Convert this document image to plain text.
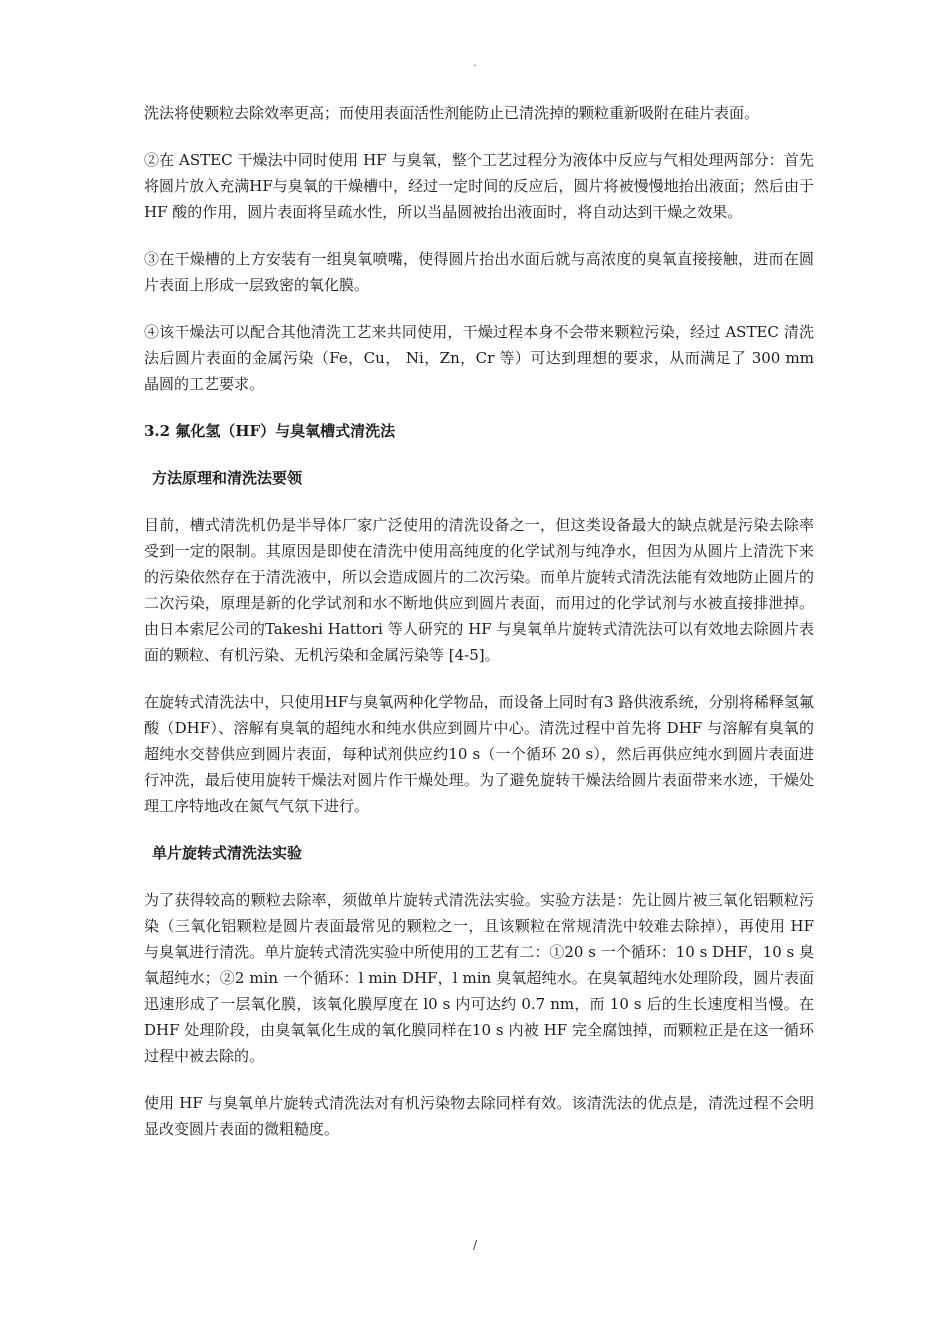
.

洗法将使颗粒去除效率更高；而使用表面活性剂能防止已清洗掉的颗粒重新吸附在硅片表面。

②在 ASTEC 干燥法中同时使用 HF 与臭氧，整个工艺过程分为液体中反应与气相处理两部分：首先将圆片放入充满HF与臭氧的干燥槽中，经过一定时间的反应后，圆片将被慢慢地抬出液面；然后由于HF 酸的作用，圆片表面将呈疏水性，所以当晶圆被抬出液面时，将自动达到干燥之效果。

③在干燥槽的上方安装有一组臭氧喷嘴，使得圆片抬出水面后就与高浓度的臭氧直接接触，进而在圆片表面上形成一层致密的氧化膜。

④该干燥法可以配合其他清洗工艺来共同使用，干燥过程本身不会带来颗粒污染，经过 ASTEC 清洗法后圆片表面的金属污染（Fe，Cu， Ni，Zn，Cr 等）可达到理想的要求，从而满足了 300 mm 晶圆的工艺要求。

3.2 氟化氢（HF）与臭氧槽式清洗法
方法原理和清洗法要领

目前，槽式清洗机仍是半导体厂家广泛使用的清洗设备之一，但这类设备最大的缺点就是污染去除率受到一定的限制。其原因是即使在清洗中使用高纯度的化学试剂与纯净水，但因为从圆片上清洗下来的污染依然存在于清洗液中，所以会造成圆片的二次污染。而单片旋转式清洗法能有效地防止圆片的二次污染，原理是新的化学试剂和水不断地供应到圆片表面，而用过的化学试剂与水被直接排泄掉。由日本索尼公司的Takeshi Hattori 等人研究的 HF 与臭氧单片旋转式清洗法可以有效地去除圆片表面的颗粒、有机污染、无机污染和金属污染等 [4-5]。

在旋转式清洗法中，只使用HF与臭氧两种化学物品，而设备上同时有3 路供液系统，分别将稀释氢氟酸（DHF）、溶解有臭氧的超纯水和纯水供应到圆片中心。清洗过程中首先将 DHF 与溶解有臭氧的超纯水交替供应到圆片表面，每种试剂供应约10 s（一个循环 20 s），然后再供应纯水到圆片表面进行冲洗，最后使用旋转干燥法对圆片作干燥处理。为了避免旋转干燥法给圆片表面带来水迹，干燥处理工序特地改在氮气气氛下进行。

单片旋转式清洗法实验

为了获得较高的颗粒去除率，须做单片旋转式清洗法实验。实验方法是：先让圆片被三氧化铝颗粒污染（三氧化铝颗粒是圆片表面最常见的颗粒之一，且该颗粒在常规清洗中较难去除掉），再使用 HF 与臭氧进行清洗。单片旋转式清洗实验中所使用的工艺有二：①20 s 一个循环：10 s DHF，10 s 臭氧超纯水；②2 min 一个循环：l min DHF，l min 臭氧超纯水。在臭氧超纯水处理阶段，圆片表面迅速形成了一层氧化膜，该氧化膜厚度在 l0 s 内可达约 0.7 nm，而 10 s 后的生长速度相当慢。在DHF 处理阶段，由臭氧氧化生成的氧化膜同样在10 s 内被 HF 完全腐蚀掉，而颗粒正是在这一循环过程中被去除的。

使用 HF 与臭氧单片旋转式清洗法对有机污染物去除同样有效。该清洗法的优点是，清洗过程不会明显改变圆片表面的微粗糙度。

/
